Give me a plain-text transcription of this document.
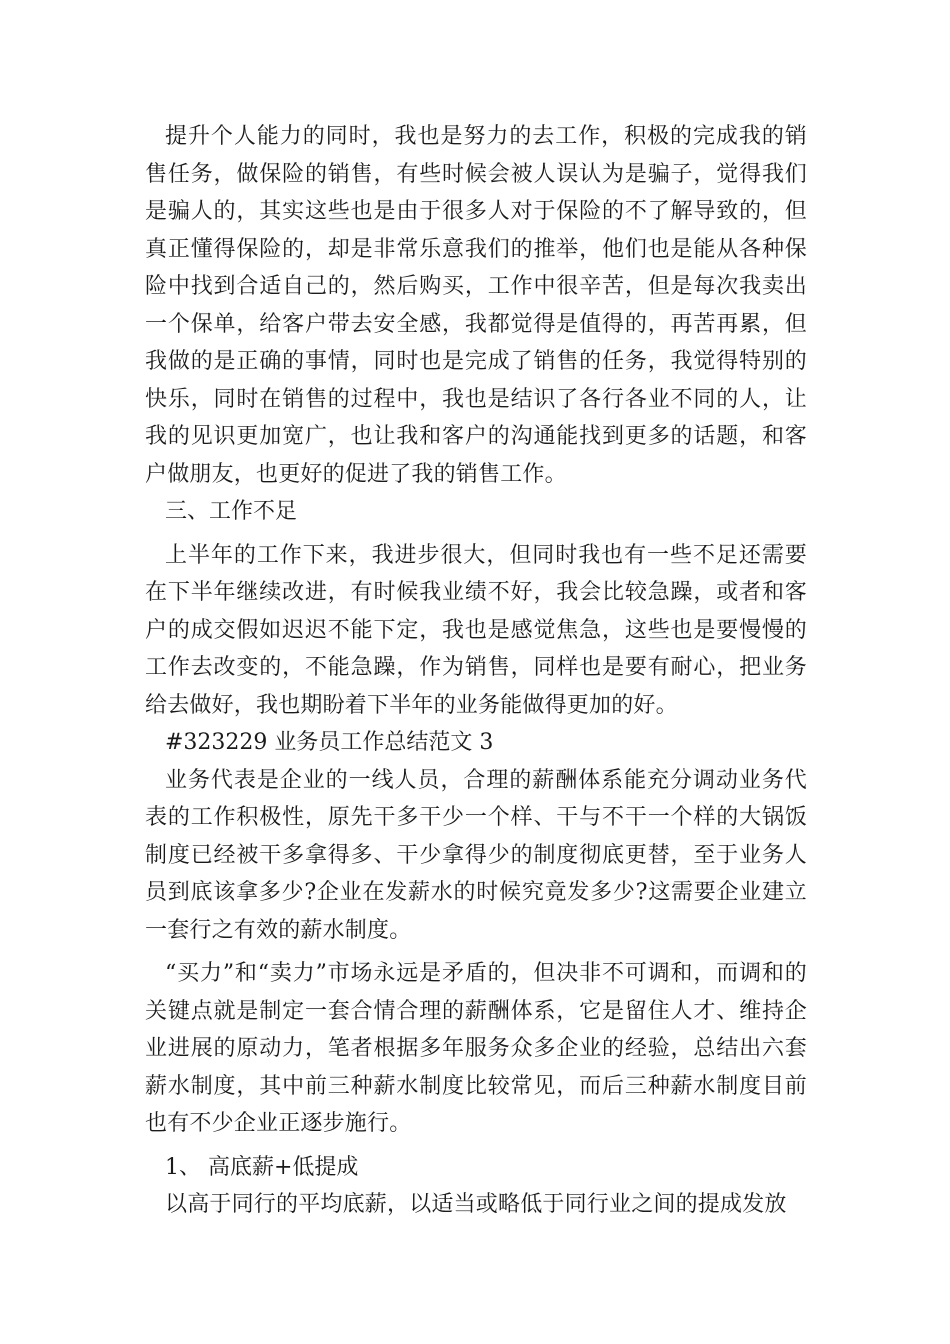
提升个人能力的同时，我也是努力的去工作，积极的完成我的销售任务，做保险的销售，有些时候会被人误认为是骗子，觉得我们是骗人的，其实这些也是由于很多人对于保险的不了解导致的，但真正懂得保险的，却是非常乐意我们的推举，他们也是能从各种保险中找到合适自己的，然后购买，工作中很辛苦，但是每次我卖出一个保单，给客户带去安全感，我都觉得是值得的，再苦再累，但我做的是正确的事情，同时也是完成了销售的任务，我觉得特别的快乐，同时在销售的过程中，我也是结识了各行各业不同的人，让我的见识更加宽广，也让我和客户的沟通能找到更多的话题，和客户做朋友，也更好的促进了我的销售工作。

三、工作不足

上半年的工作下来，我进步很大，但同时我也有一些不足还需要在下半年继续改进，有时候我业绩不好，我会比较急躁，或者和客户的成交假如迟迟不能下定，我也是感觉焦急，这些也是要慢慢的工作去改变的，不能急躁，作为销售，同样也是要有耐心，把业务给去做好，我也期盼着下半年的业务能做得更加的好。

#323229 业务员工作总结范文 3

业务代表是企业的一线人员，合理的薪酬体系能充分调动业务代表的工作积极性，原先干多干少一个样、干与不干一个样的大锅饭制度已经被干多拿得多、干少拿得少的制度彻底更替，至于业务人员到底该拿多少?企业在发薪水的时候究竟发多少?这需要企业建立一套行之有效的薪水制度。

“买力”和“卖力”市场永远是矛盾的，但决非不可调和，而调和的关键点就是制定一套合情合理的薪酬体系，它是留住人才、维持企业进展的原动力，笔者根据多年服务众多企业的经验，总结出六套薪水制度，其中前三种薪水制度比较常见，而后三种薪水制度目前也有不少企业正逐步施行。

1、 高底薪+低提成

以高于同行的平均底薪，以适当或略低于同行业之间的提成发放
